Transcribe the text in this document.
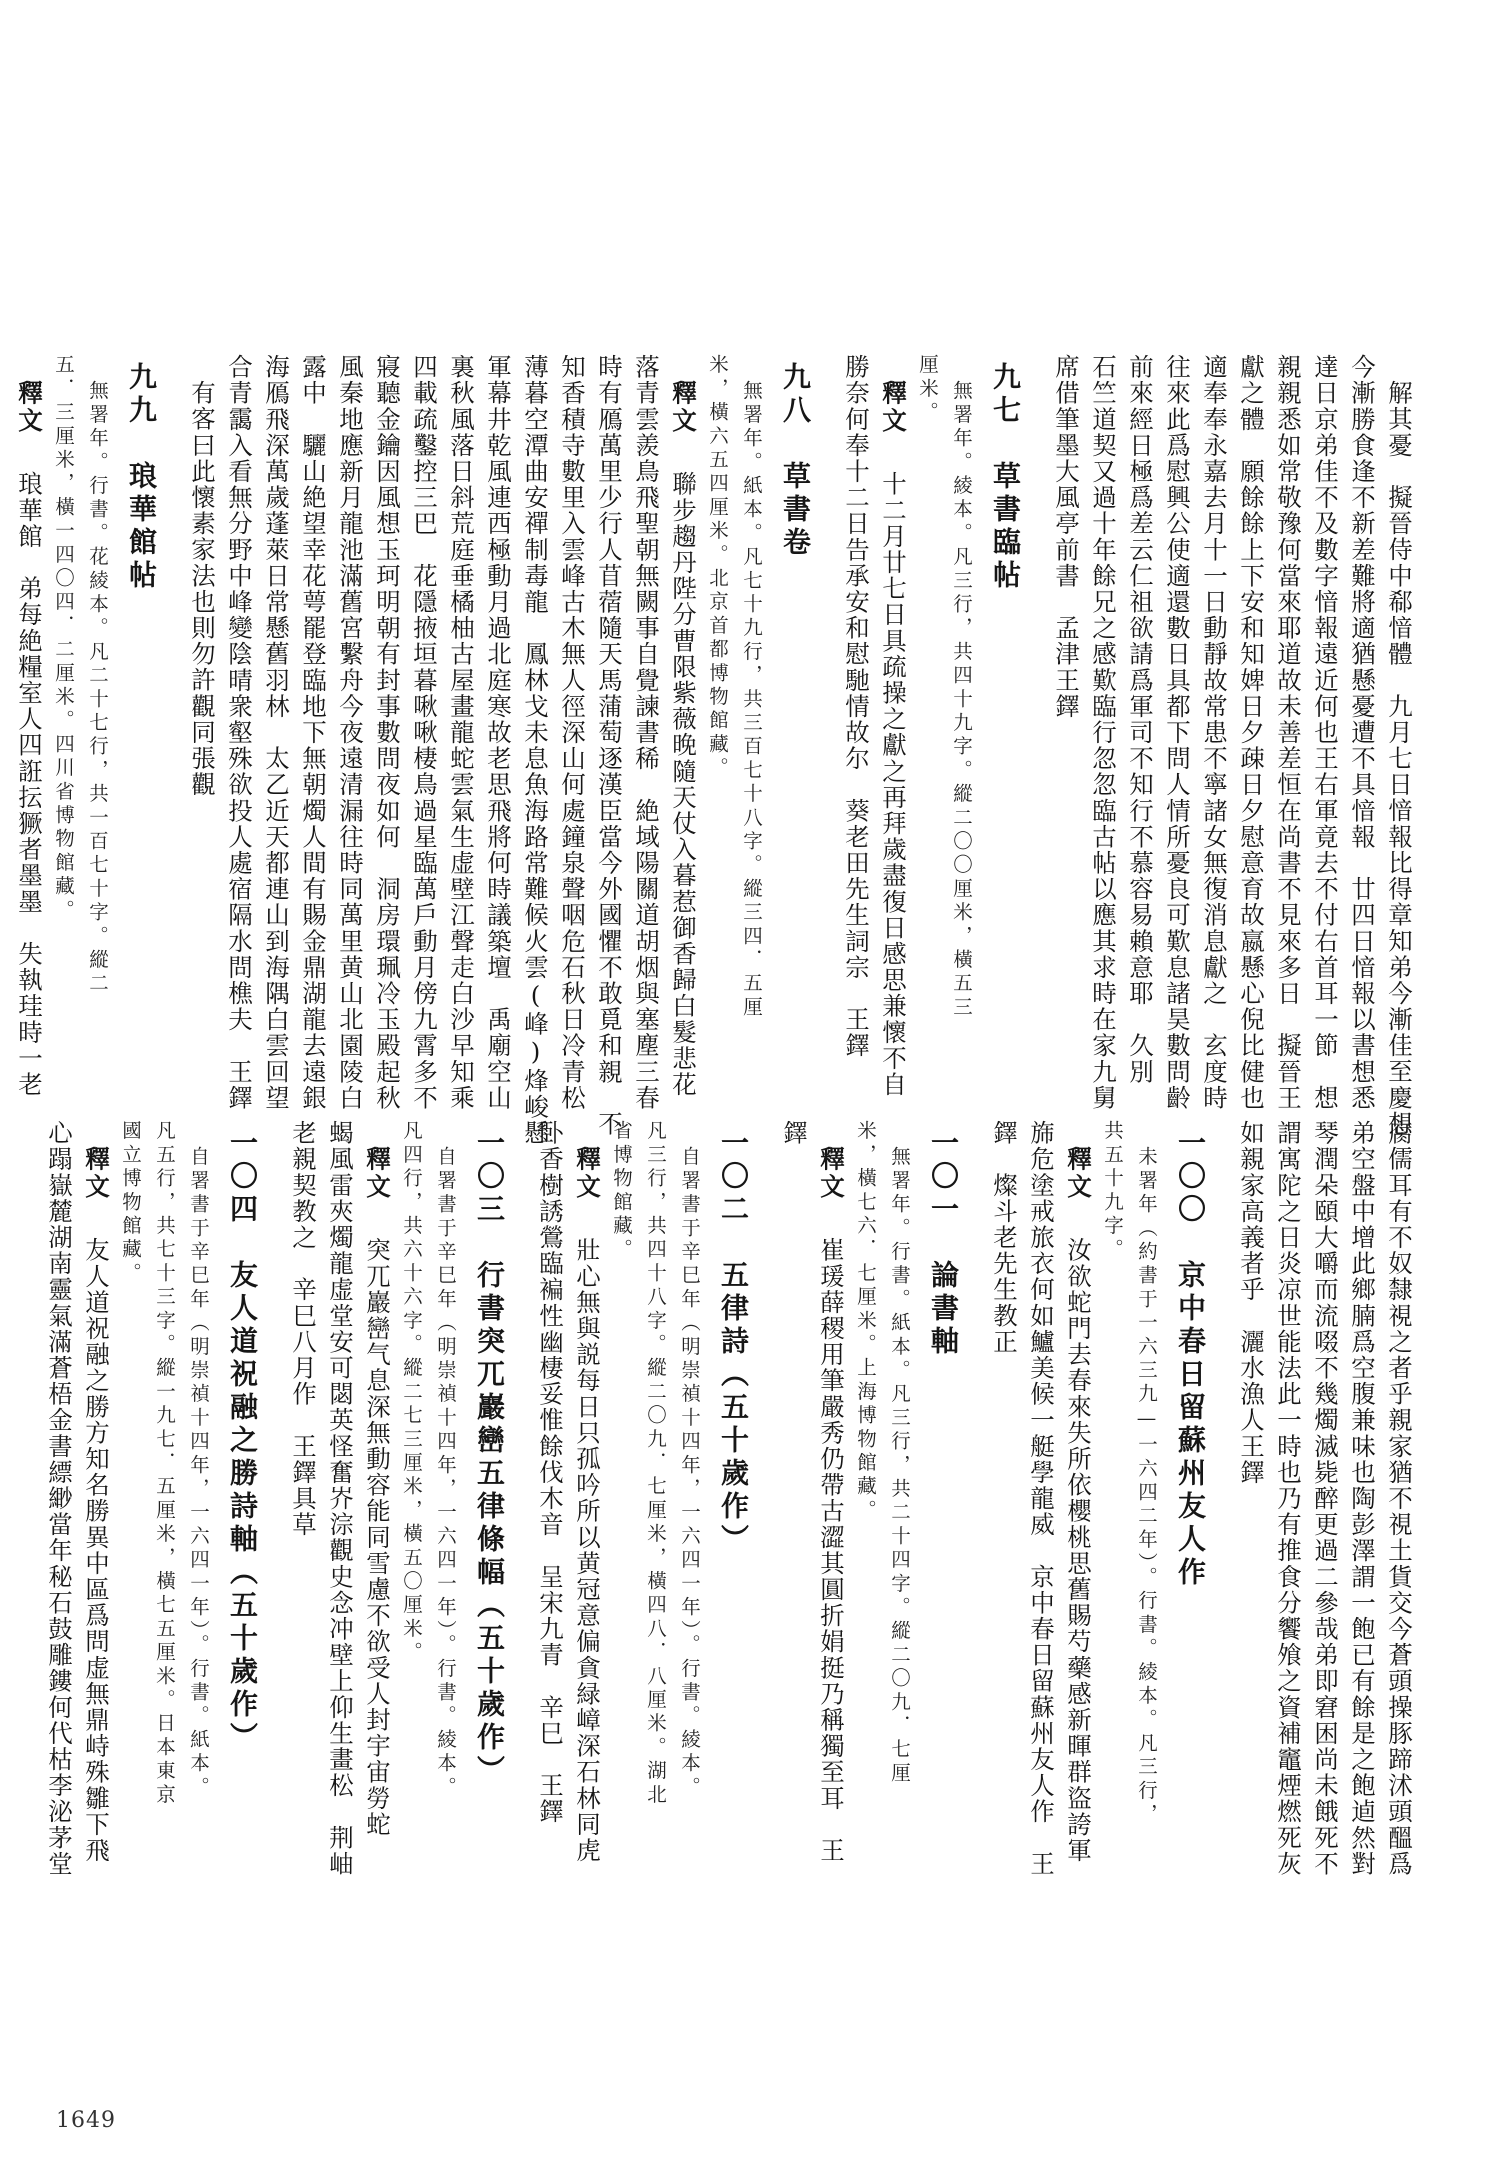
解其憂　擬晉侍中郗愔體　九月七日愔報比得章知弟今漸佳至慶想
今漸勝食逢不新差難將適猶懸憂遭不具愔報　廿四日愔報以書想悉
達日京弟佳不及數字愔報遠近何也王右軍竟去不付右首耳一節　想
親親悉如常敬豫何當來耶道故未善差恒在尚書不見來多日　擬晉王
獻之體　願餘餘上下安和知婢日夕疎日夕慰意育故嬴懸心倪比健也
適奉奉永嘉去月十一日動靜故常患不寧諸女無復消息獻之　玄度時
往來此爲慰興公使適還數日具都下問人情所憂良可歎息諸昊數問齡
前來經日極爲差云仁祖欲請爲軍司不知行不慕容易賴意耶　久別
石竺道契又過十年餘兄之感歎臨行忽忽臨古帖以應其求時在家九舅
席借筆墨大風亭前書　孟津王鐸
九七　草書臨帖
無署年。綾本。凡三行，共四十九字。縱二〇〇厘米，橫五三
厘米。
釋文　十二月廿七日具疏操之獻之再拜歲盡復日感思兼懷不自
勝奈何奉十二日告承安和慰馳情故尔　葵老田先生詞宗　王鐸
九八　草書卷
無署年。紙本。凡七十九行，共三百七十八字。縱三四．五厘
米，橫六五四厘米。北京首都博物館藏。
釋文　聯步趨丹陛分曹限紫薇晚隨天仗入暮惹御香歸白髮悲花
落青雲羨鳥飛聖朝無闕事自覺諫書稀　絶域陽關道胡烟與塞塵三春
時有鴈萬里少行人苜蓿隨天馬蒲萄逐漢臣當今外國懼不敢覓和親　不
知香積寺數里入雲峰古木無人徑深山何處鐘泉聲咽危石秋日冷青松
薄暮空潭曲安禪制毒龍　鳳林戈未息魚海路常難候火雲(峰)烽峻懸
軍幕井乾風連西極動月過北庭寒故老思飛將何時議築壇　禹廟空山
裏秋風落日斜荒庭垂橘柚古屋畫龍蛇雲氣生虚壁江聲走白沙早知乘
四載疏鑿控三巴　花隱掖垣暮啾啾棲鳥過星臨萬戶動月傍九霄多不
寢聽金鑰因風想玉珂明朝有封事數問夜如何　洞房環珮冷玉殿起秋
風秦地應新月龍池滿舊宮繫舟今夜遠清漏往時同萬里黄山北園陵白
露中　驪山絶望幸花萼罷登臨地下無朝燭人間有賜金鼎湖龍去遠銀
海鴈飛深萬歲蓬萊日常懸舊羽林　太乙近天都連山到海隅白雲回望
合青靄入看無分野中峰變陰晴衆壑殊欲投人處宿隔水問樵夫　王鐸
有客曰此懷素家法也則勿許觀同張觀
九九　琅華館帖
無署年。行書。花綾本。凡二十七行，共一百七十字。縱二
五．三厘米，橫一四〇四．二厘米。四川省博物館藏。
釋文　琅華館　弟每絶糧室人四誑抎獗者墨墨　失執珪時一老
腐儒耳有不奴隸視之者乎親家猶不視土貨交今蒼頭操豚蹄沭頭醞爲
弟空盤中增此鄉腩爲空腹兼味也陶彭澤謂一飽已有餘是之飽逌然對
琴潤朵頤大嚼而流啜不幾燭滅毙醉更過二參哉弟即窘困尚未餓死不
謂寓陀之日炎凉世能法此一時也乃有推食分饗飧之資補竈煙燃死灰
如親家高義者乎　灑水漁人王鐸
一〇〇　京中春日留蘇州友人作
未署年（約書于一六三九—一六四二年）。行書。綾本。凡三行，
共五十九字。
釋文　汝欲蛇門去春來失所依櫻桃思舊賜芍藥感新暉群盜誇軍
旆危塗戒旅衣何如鱸美候一艇學龍威　京中春日留蘇州友人作　王
鐸　燦斗老先生教正
一〇一　論書軸
無署年。行書。紙本。凡三行，共二十四字。縱二〇九．七厘
米，橫七六．七厘米。上海博物館藏。
釋文　崔瑗薛稷用筆嚴秀仍帶古澀其圓折娟挺乃稱獨至耳　王
鐸
一〇二　五律詩（五十歲作）
自署書于辛巳年（明崇禎十四年，一六四一年）。行書。綾本。
凡三行，共四十八字。縱二〇九．七厘米，橫四八．八厘米。湖北
省博物館藏。
釋文　壯心無與説每日只孤吟所以黄冠意偏貪緑嶂深石林同虎
卧香樹誘鶯臨褊性幽棲妥惟餘伐木音　呈宋九青　辛巳　王鐸
一〇三　行書突兀巖巒五律條幅（五十歲作）
自署書于辛巳年（明崇禎十四年，一六四一年）。行書。綾本。
凡四行，共六十六字。縱二七三厘米，橫五〇厘米。
釋文　突兀巖巒气息深無動容能同雪慮不欲受人封宇宙勞蛇
蝎風雷夾燭龍虚堂安可閟英怪奮岕淙觀史念冲壁上仰生畫松　荆岫
老親契教之　辛巳八月作　王鐸具草
一〇四　友人道祝融之勝詩軸（五十歲作）
自署書于辛巳年（明崇禎十四年，一六四一年）。行書。紙本。
凡五行，共七十三字。縱一九七．五厘米，橫七五厘米。日本東京
國立博物館藏。
釋文　友人道祝融之勝方知名勝異中區爲問虚無鼎峙殊雛下飛
心蹋嶽麓湖南靈氣滿蒼梧金書縹緲當年秘石鼓雕鏤何代枯李泌茅堂
1649
